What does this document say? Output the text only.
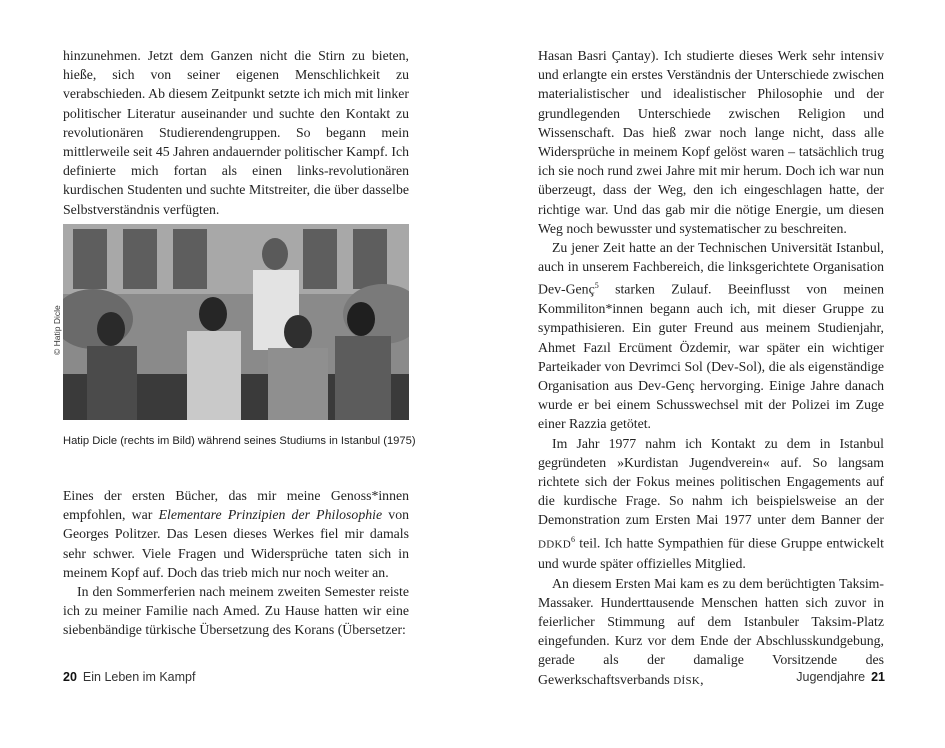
hinzunehmen. Jetzt dem Ganzen nicht die Stirn zu bieten, hieße, sich von seiner eigenen Menschlichkeit zu verabschieden. Ab diesem Zeitpunkt setzte ich mich mit linker politischer Literatur auseinander und suchte den Kontakt zu revolutionären Studierendengruppen. So begann mein mittlerweile seit 45 Jahren andauernder politischer Kampf. Ich definierte mich fortan als einen links-revolutionären kurdischen Studenten und suchte Mitstreiter, die über dasselbe Selbstverständnis verfügten.

© Hatip Dicle
Hatip Dicle (rechts im Bild) während seines Studiums in Istanbul (1975)

Eines der ersten Bücher, das mir meine Genoss*innen empfohlen, war Elementare Prinzipien der Philosophie von Georges Politzer. Das Lesen dieses Werkes fiel mir damals sehr schwer. Viele Fragen und Widersprüche taten sich in meinem Kopf auf. Doch das trieb mich nur noch weiter an.

In den Sommerferien nach meinem zweiten Semester reiste ich zu meiner Familie nach Amed. Zu Hause hatten wir eine siebenbändige türkische Übersetzung des Korans (Übersetzer:

20 Ein Leben im Kampf

Hasan Basri Çantay). Ich studierte dieses Werk sehr intensiv und erlangte ein erstes Verständnis der Unterschiede zwischen materialistischer und idealistischer Philosophie und der grundlegenden Unterschiede zwischen Religion und Wissenschaft. Das hieß zwar noch lange nicht, dass alle Widersprüche in meinem Kopf gelöst waren – tatsächlich trug ich sie noch rund zwei Jahre mit mir herum. Doch ich war nun überzeugt, dass der Weg, den ich eingeschlagen hatte, der richtige war. Und das gab mir die nötige Energie, um diesen Weg noch bewusster und systematischer zu beschreiten.

Zu jener Zeit hatte an der Technischen Universität Istanbul, auch in unserem Fachbereich, die linksgerichtete Organisation Dev-Genç$^5$ starken Zulauf. Beeinflusst von meinen Kommiliton*innen begann auch ich, mit dieser Gruppe zu sympathisieren. Ein guter Freund aus meinem Studienjahr, Ahmet Fazıl Ercüment Özdemir, war später ein wichtiger Parteikader von Devrimci Sol (Dev-Sol), die als eigenständige Organisation aus Dev-Genç hervorging. Einige Jahre danach wurde er bei einem Schusswechsel mit der Polizei im Zuge einer Razzia getötet.

Im Jahr 1977 nahm ich Kontakt zu dem in Istanbul gegründeten »Kurdistan Jugendverein« auf. So langsam richtete sich der Fokus meines politischen Engagements auf die kurdische Frage. So nahm ich beispielsweise an der Demonstration zum Ersten Mai 1977 unter dem Banner der DDKD$^6$ teil. Ich hatte Sympathien für diese Gruppe entwickelt und wurde später offizielles Mitglied.

An diesem Ersten Mai kam es zu dem berüchtigten Taksim-Massaker. Hunderttausende Menschen hatten sich zuvor in feierlicher Stimmung auf dem Istanbuler Taksim-Platz eingefunden. Kurz vor dem Ende der Abschlusskundgebung, gerade als der damalige Vorsitzende des Gewerkschaftsverbands DİSK,	Jugendjahre 21
